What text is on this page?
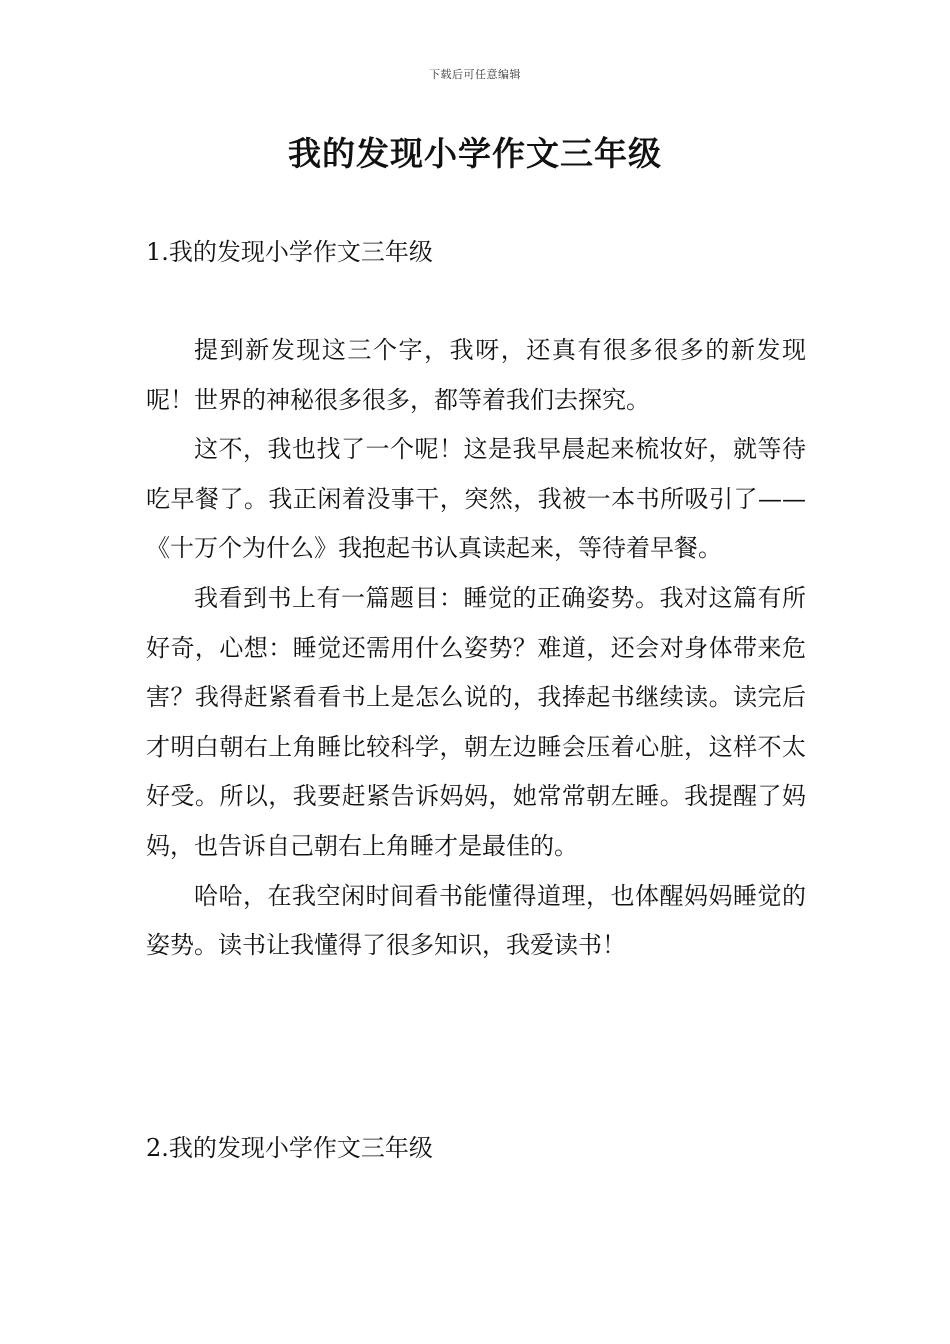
下载后可任意编辑
我的发现小学作文三年级
1.我的发现小学作文三年级

提到新发现这三个字，我呀，还真有很多很多的新发现呢！世界的神秘很多很多，都等着我们去探究。

这不，我也找了一个呢！这是我早晨起来梳妆好，就等待吃早餐了。我正闲着没事干，突然，我被一本书所吸引了——《十万个为什么》我抱起书认真读起来，等待着早餐。

我看到书上有一篇题目：睡觉的正确姿势。我对这篇有所好奇，心想：睡觉还需用什么姿势？难道，还会对身体带来危害？我得赶紧看看书上是怎么说的，我捧起书继续读。读完后才明白朝右上角睡比较科学，朝左边睡会压着心脏，这样不太好受。所以，我要赶紧告诉妈妈，她常常朝左睡。我提醒了妈妈，也告诉自己朝右上角睡才是最佳的。

哈哈，在我空闲时间看书能懂得道理，也体醒妈妈睡觉的姿势。读书让我懂得了很多知识，我爱读书！

2.我的发现小学作文三年级
